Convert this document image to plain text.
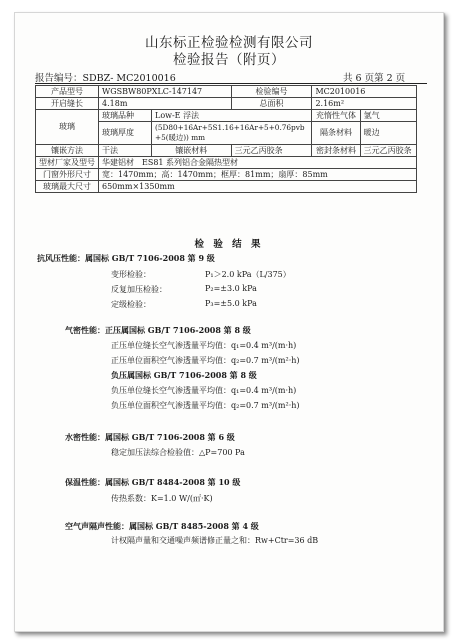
山东标正检验检测有限公司
检验报告（附页）
报告编号：SDBZ- MC2010016	共 6 页第 2 页
产品型号	WGSBW80PXLC-147147		检验编号	MC2010016	
开启缝长	4.18m		总面积	2.16m²	
玻璃	玻璃品种	Low-E 浮法		充惰性气体	氩气
	玻璃厚度	(5D80+16Ar+5S1.16+16Ar+5+0.76pvb
+5(暖边)) mm		隔条材料	暖边
镶嵌方法	干法	镶嵌材料	三元乙丙胶条	密封条材料	三元乙丙胶条
型材厂家及型号	华建铝材　ES81 系列铝合金隔热型材				
门窗外形尺寸	宽：1470mm；高：1470mm；框厚：81mm；扇厚：85mm				
玻璃最大尺寸	650mm×1350mm				
检 验 结 果
抗风压性能：属国标 GB/T 7106-2008 第 9 级
变形检验：	P₁＞2.0 kPa（L/375）
反复加压检验：	P₂=±3.0 kPa
定级检验：	P₃=±5.0 kPa
气密性能：正压属国标 GB/T 7106-2008 第 8 级
正压单位缝长空气渗透量平均值：q₁=0.4 m³/(m·h)
正压单位面积空气渗透量平均值：q₂=0.7 m³/(m²·h)
负压属国标 GB/T 7106-2008 第 8 级
负压单位缝长空气渗透量平均值：q₁=0.4 m³/(m·h)
负压单位面积空气渗透量平均值：q₂=0.7 m³/(m²·h)
水密性能：属国标 GB/T 7106-2008 第 6 级
稳定加压法综合检验值：△P=700 Pa
保温性能：属国标 GB/T 8484-2008 第 10 级
传热系数：K=1.0 W/(㎡·K)
空气声隔声性能：属国标 GB/T 8485-2008 第 4 级
计权隔声量和交通噪声频谱修正量之和：Rw+Ctr=36 dB
